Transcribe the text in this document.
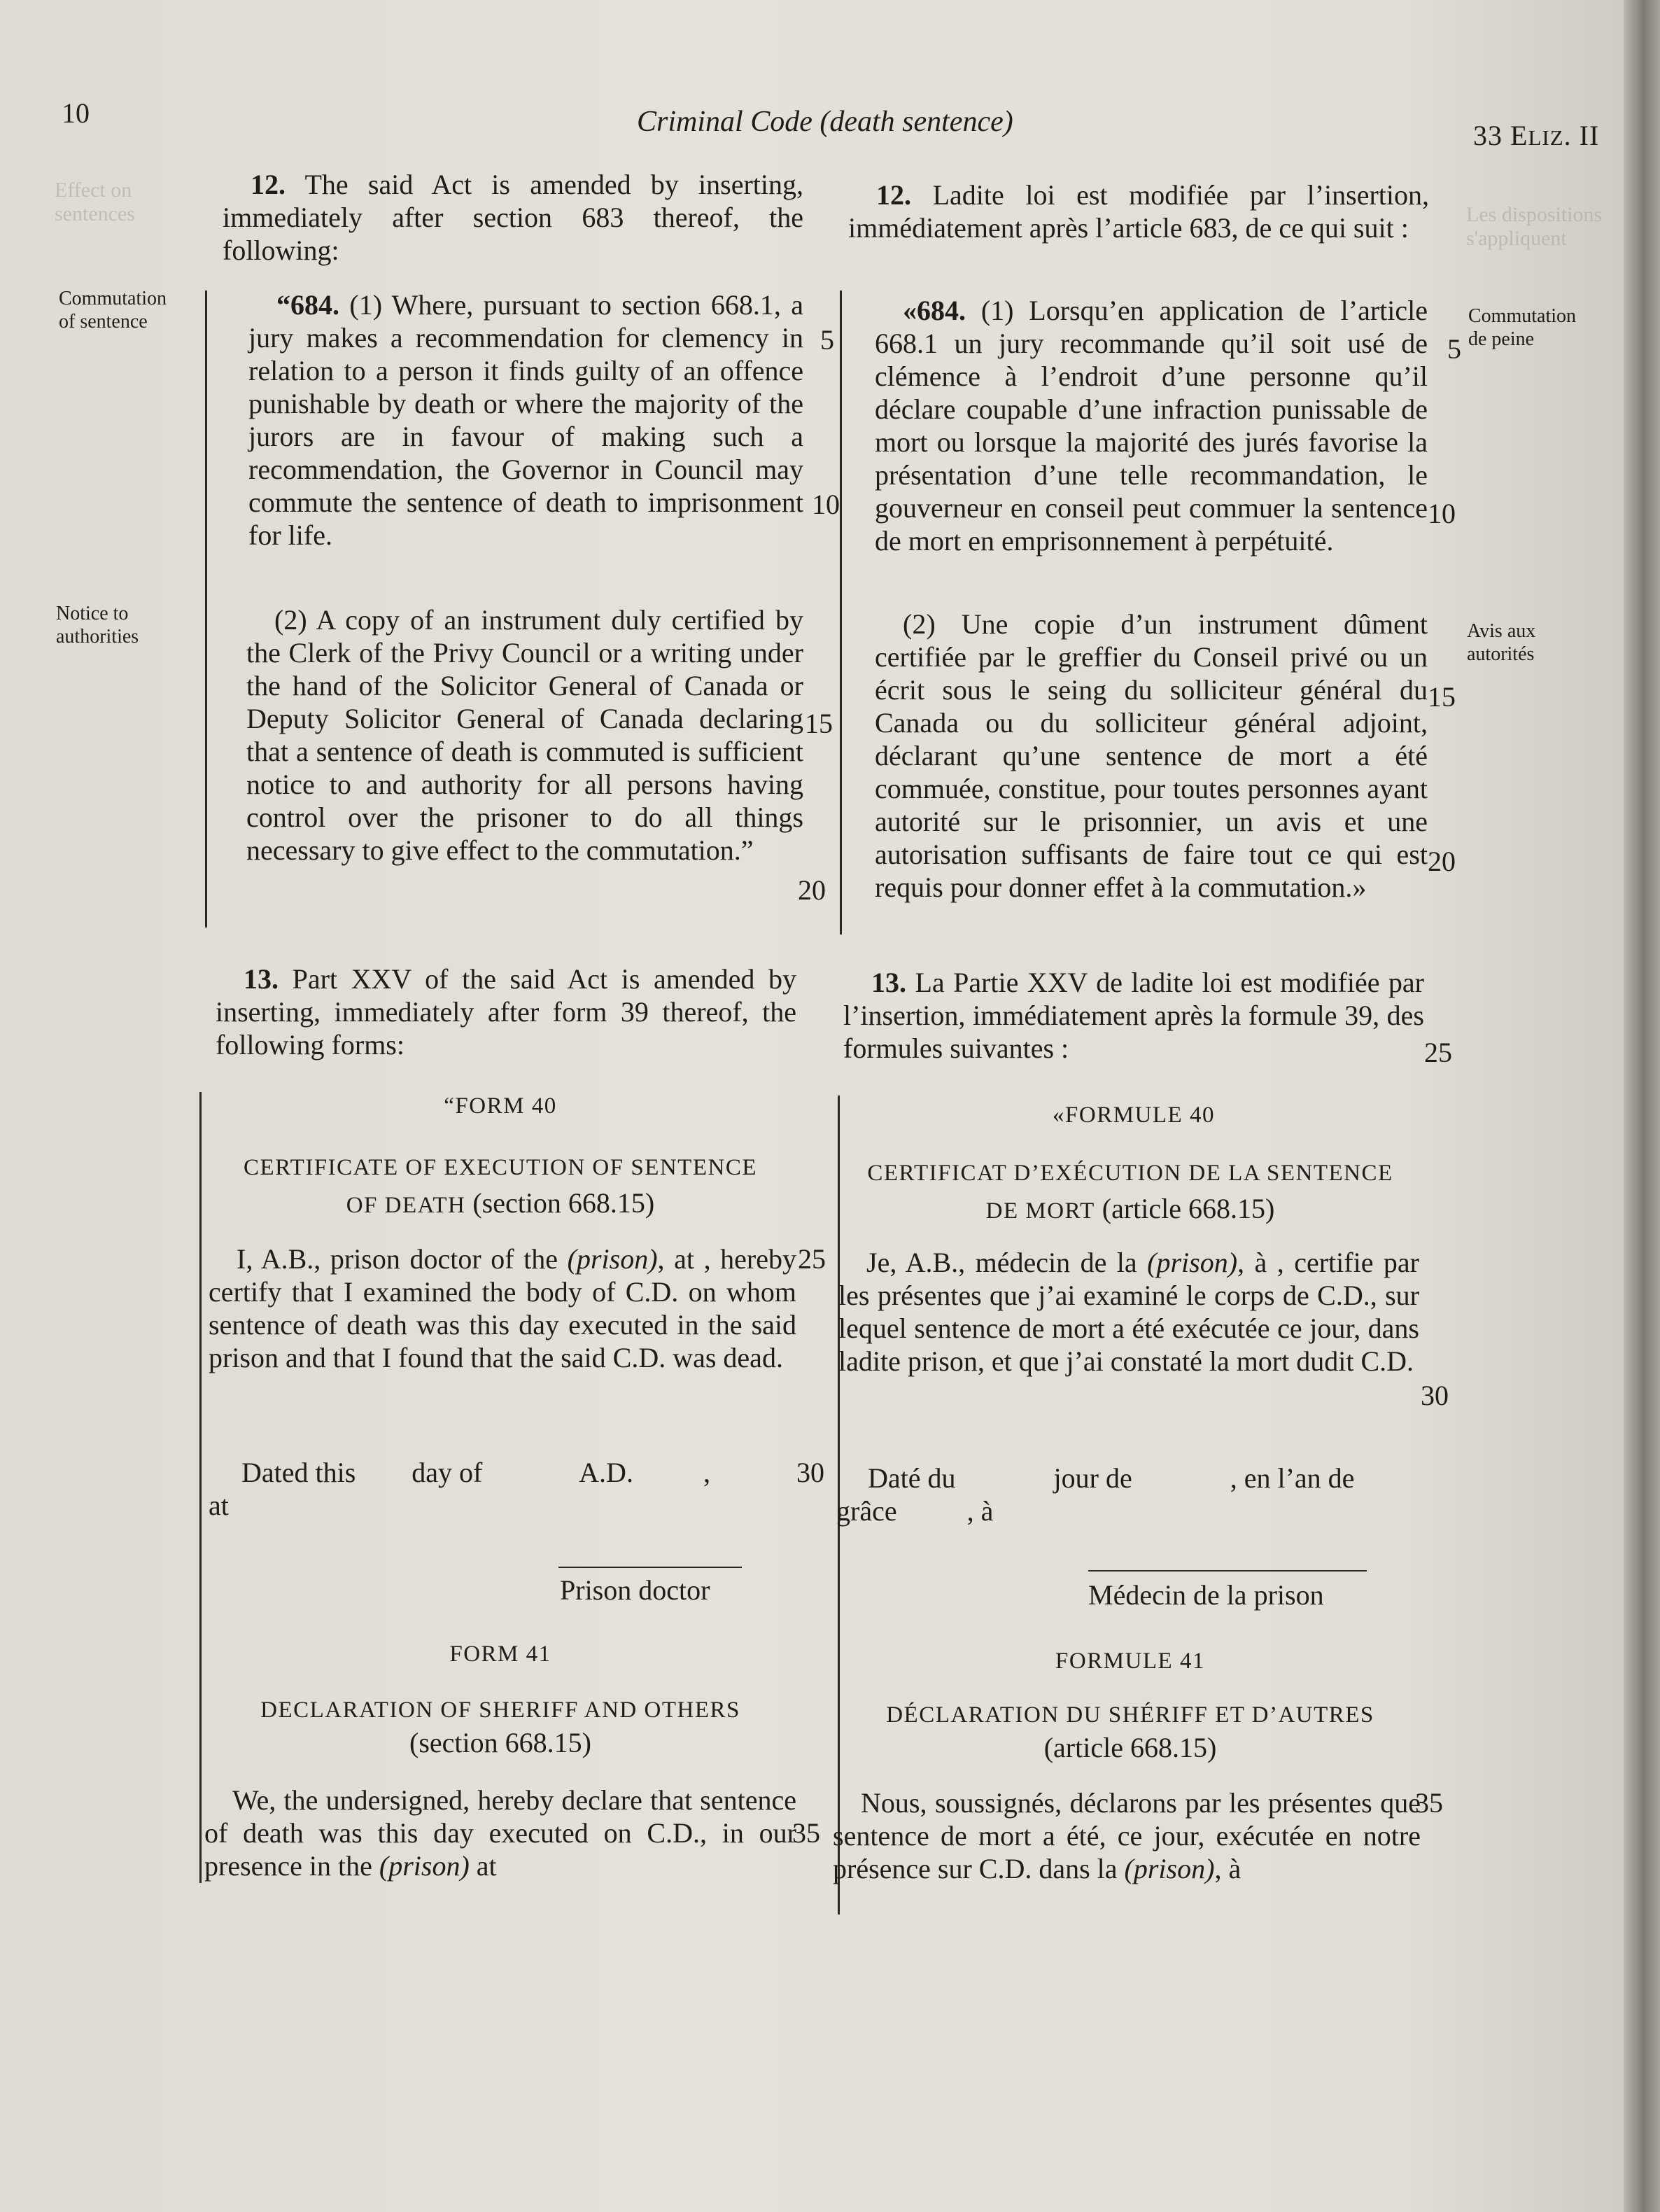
Effect on
sentences	Les dispositions
s'appliquent
10	Criminal Code (death sentence)	33 ELIZ. II
Commutation
of sentence
Notice to
authorities
Commutation
de peine
Avis aux
autorités

12. The said Act is amended by inserting, immediately after section 683 thereof, the following:

“684. (1) Where, pursuant to section 668.1, a jury makes a recommendation for clemency in relation to a person it finds guilty of an offence punishable by death or where the majority of the jurors are in favour of making such a recommendation, the Governor in Council may commute the sentence of death to imprisonment for life.

(2) A copy of an instrument duly certified by the Clerk of the Privy Council or a writing under the hand of the Solicitor General of Canada or Deputy Solicitor General of Canada declaring that a sentence of death is commuted is sufficient notice to and authority for all persons having control over the prisoner to do all things necessary to give effect to the commutation.”

13. Part XXV of the said Act is amended by inserting, immediately after form 39 thereof, the following forms:

“FORM 40
CERTIFICATE OF EXECUTION OF SENTENCE
OF DEATH (section 668.15)

I, A.B., prison doctor of the (prison), at , hereby certify that I examined the body of C.D. on whom sentence of death was this day executed in the said prison and that I found that the said C.D. was dead.

Dated this        day of              A.D.          ,
at
Prison doctor
FORM 41
DECLARATION OF SHERIFF AND OTHERS
(section 668.15)

We, the undersigned, hereby declare that sentence of death was this day executed on C.D., in our presence in the (prison) at

5
10
15
20
25
30
35

12. Ladite loi est modifiée par l’insertion, immédiatement après l’article 683, de ce qui suit :

«684. (1) Lorsqu’en application de l’article 668.1 un jury recommande qu’il soit usé de clémence à l’endroit d’une personne qu’il déclare coupable d’une infraction punissable de mort ou lorsque la majorité des jurés favorise la présentation d’une telle recommandation, le gouverneur en conseil peut commuer la sentence de mort en emprisonnement à perpétuité.

(2) Une copie d’un instrument dûment certifiée par le greffier du Conseil privé ou un écrit sous le seing du solliciteur général du Canada ou du solliciteur général adjoint, déclarant qu’une sentence de mort a été commuée, constitue, pour toutes personnes ayant autorité sur le prisonnier, un avis et une autorisation suffisants de faire tout ce qui est requis pour donner effet à la commutation.»

13. La Partie XXV de ladite loi est modifiée par l’insertion, immédiatement après la formule 39, des formules suivantes :

«FORMULE 40
CERTIFICAT D’EXÉCUTION DE LA SENTENCE
DE MORT (article 668.15)

Je, A.B., médecin de la (prison), à , certifie par les présentes que j’ai examiné le corps de C.D., sur lequel sentence de mort a été exécutée ce jour, dans ladite prison, et que j’ai constaté la mort dudit C.D.

Daté du              jour de              , en l’an de
grâce          , à
Médecin de la prison
FORMULE 41
DÉCLARATION DU SHÉRIFF ET D’AUTRES
(article 668.15)

Nous, soussignés, déclarons par les présentes que sentence de mort a été, ce jour, exécutée en notre présence sur C.D. dans la (prison), à

5
10
15
20
25
30
35
